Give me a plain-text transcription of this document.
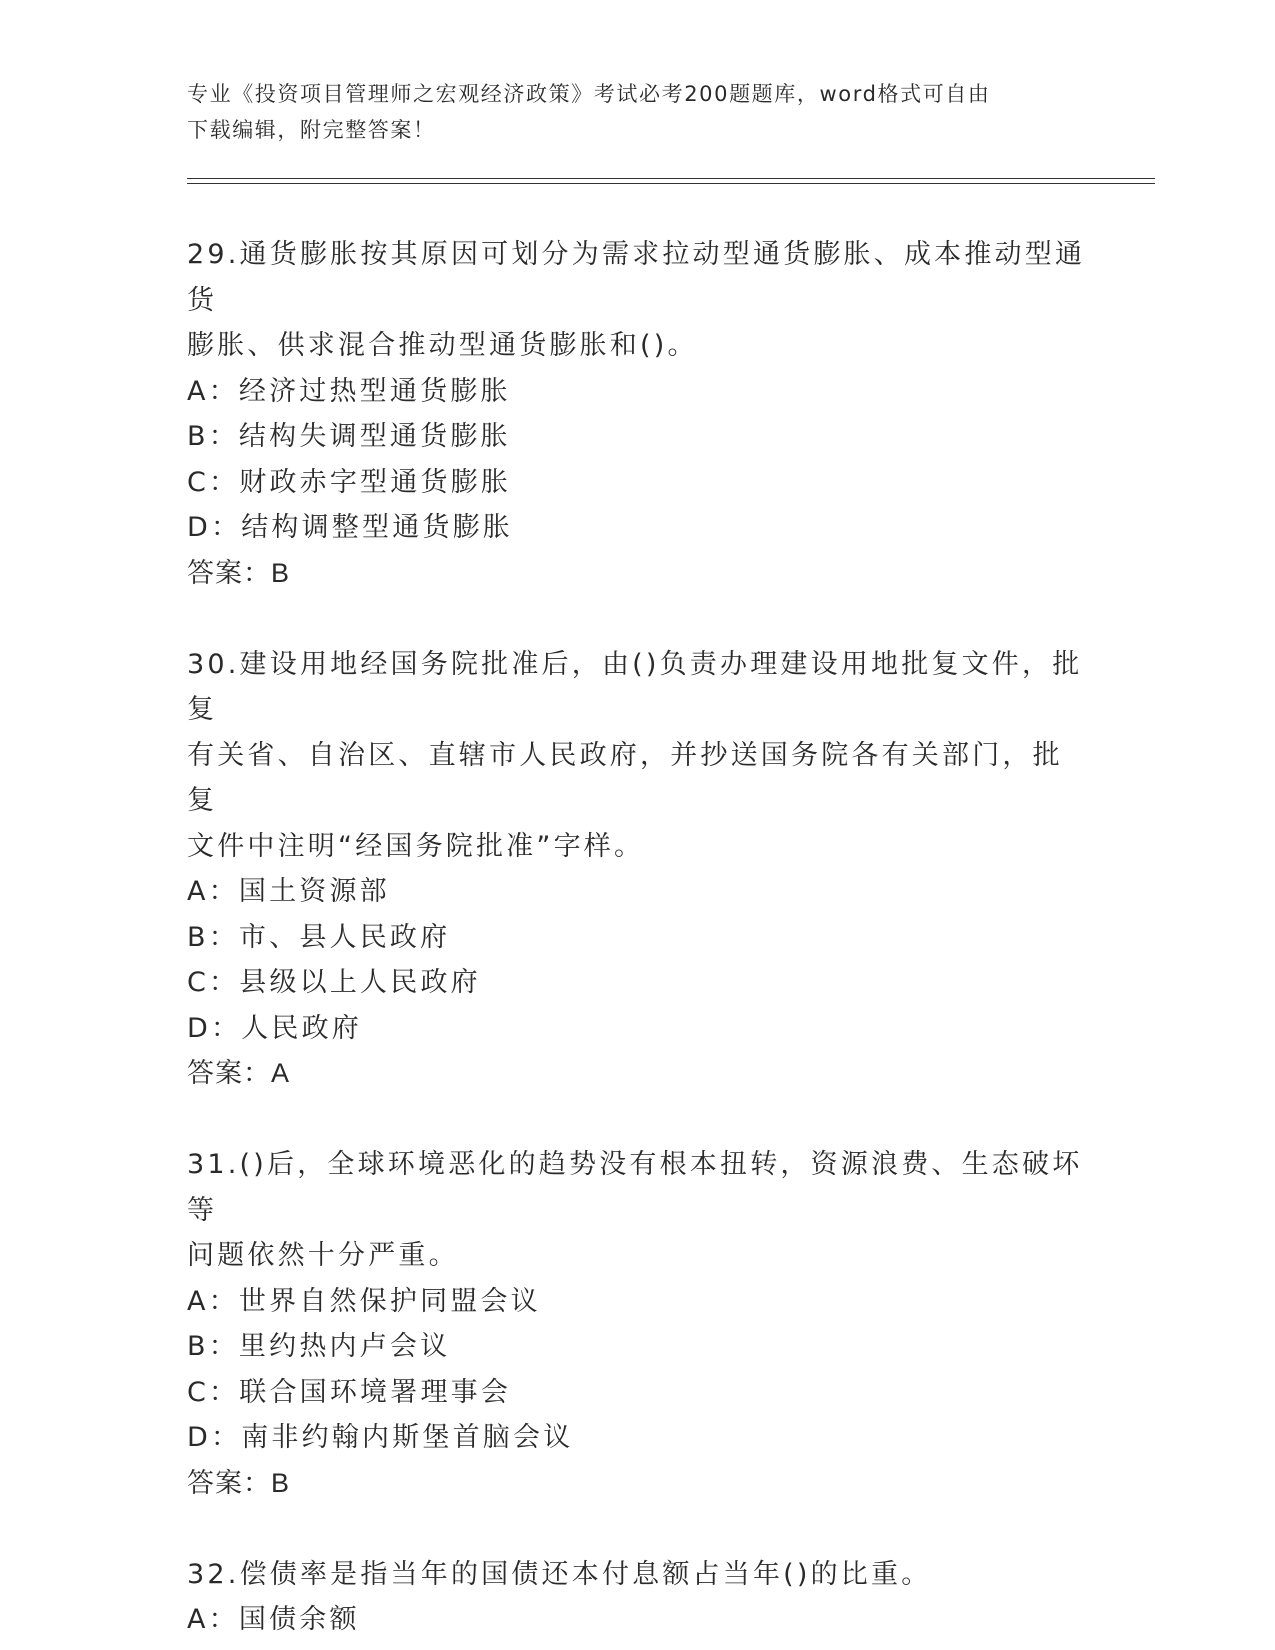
专业《投资项目管理师之宏观经济政策》考试必考200题题库，word格式可自由
下载编辑，附完整答案！
29.通货膨胀按其原因可划分为需求拉动型通货膨胀、成本推动型通货
膨胀、供求混合推动型通货膨胀和()。
A：经济过热型通货膨胀
B：结构失调型通货膨胀
C：财政赤字型通货膨胀
D：结构调整型通货膨胀
答案：B
30.建设用地经国务院批准后，由()负责办理建设用地批复文件，批复
有关省、自治区、直辖市人民政府，并抄送国务院各有关部门，批复
文件中注明“经国务院批准”字样。
A：国土资源部
B：市、县人民政府
C：县级以上人民政府
D：人民政府
答案：A
31.()后，全球环境恶化的趋势没有根本扭转，资源浪费、生态破坏等
问题依然十分严重。
A：世界自然保护同盟会议
B：里约热内卢会议
C：联合国环境署理事会
D：南非约翰内斯堡首脑会议
答案：B
32.偿债率是指当年的国债还本付息额占当年()的比重。
A：国债余额
